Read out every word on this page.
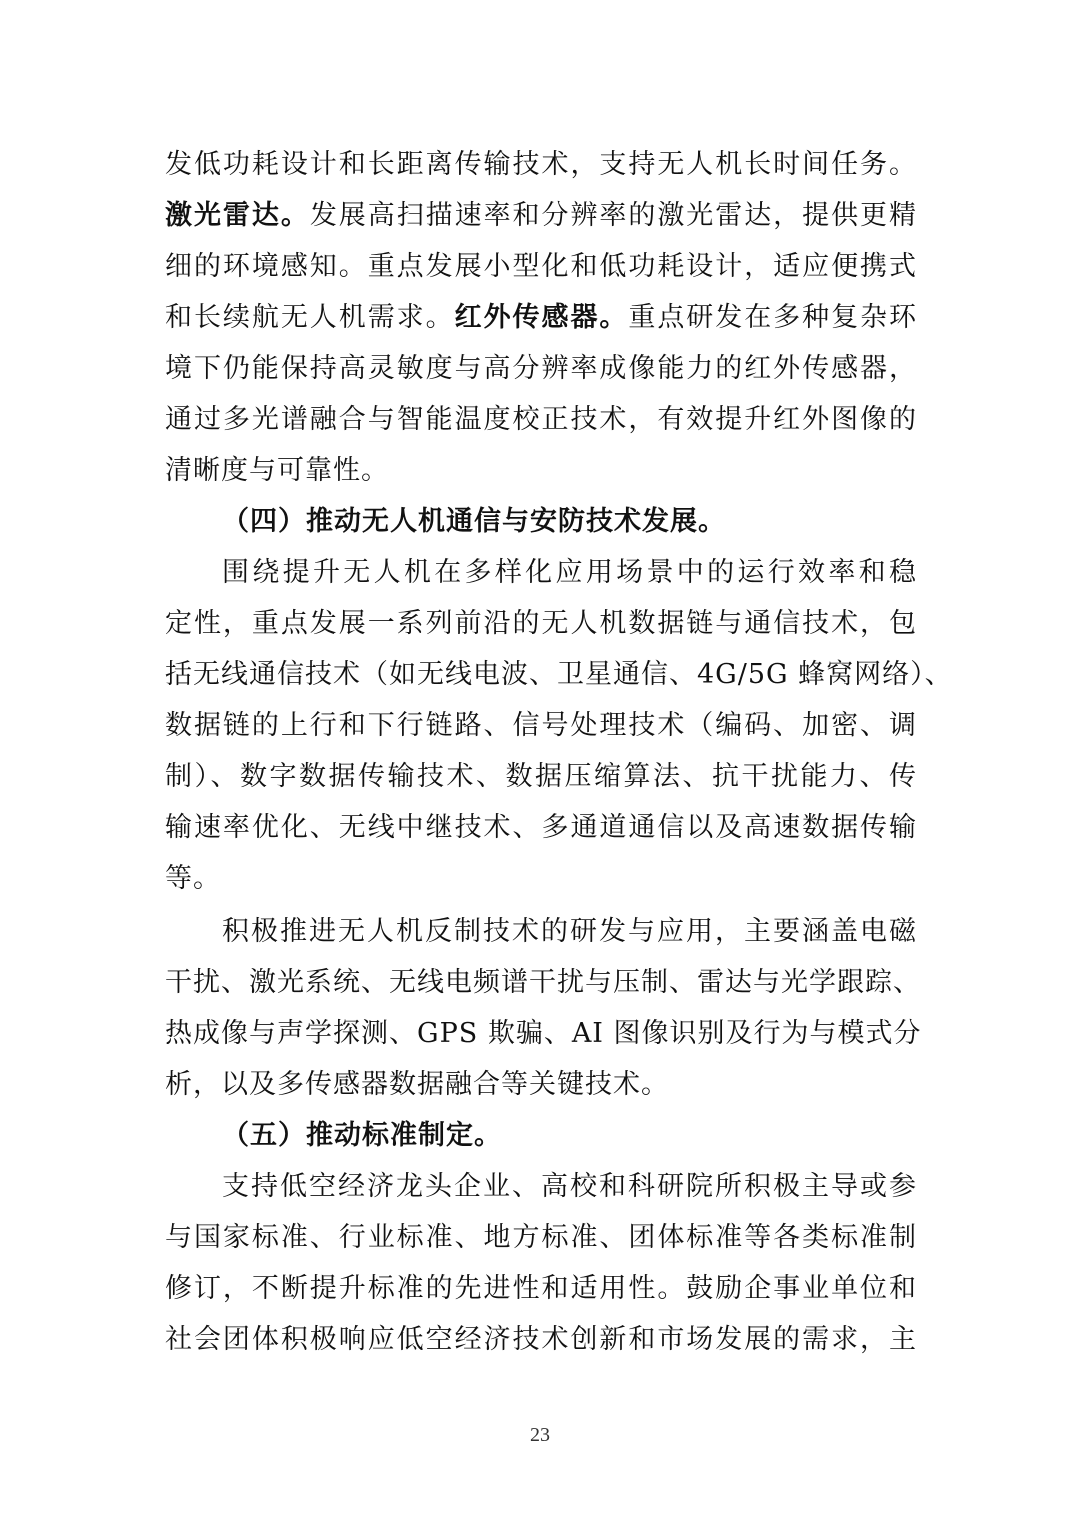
发低功耗设计和长距离传输技术，支持无人机长时间任务。
激光雷达。发展高扫描速率和分辨率的激光雷达，提供更精
细的环境感知。重点发展小型化和低功耗设计，适应便携式
和长续航无人机需求。红外传感器。重点研发在多种复杂环
境下仍能保持高灵敏度与高分辨率成像能力的红外传感器，
通过多光谱融合与智能温度校正技术，有效提升红外图像的
清晰度与可靠性。
（四）推动无人机通信与安防技术发展。
围绕提升无人机在多样化应用场景中的运行效率和稳
定性，重点发展一系列前沿的无人机数据链与通信技术，包
括无线通信技术（如无线电波、卫星通信、4G/5G 蜂窝网络）、
数据链的上行和下行链路、信号处理技术（编码、加密、调
制）、数字数据传输技术、数据压缩算法、抗干扰能力、传
输速率优化、无线中继技术、多通道通信以及高速数据传输
等。
积极推进无人机反制技术的研发与应用，主要涵盖电磁
干扰、激光系统、无线电频谱干扰与压制、雷达与光学跟踪、
热成像与声学探测、GPS 欺骗、AI 图像识别及行为与模式分
析，以及多传感器数据融合等关键技术。
（五）推动标准制定。
支持低空经济龙头企业、高校和科研院所积极主导或参
与国家标准、行业标准、地方标准、团体标准等各类标准制
修订，不断提升标准的先进性和适用性。鼓励企事业单位和
社会团体积极响应低空经济技术创新和市场发展的需求，主
23
